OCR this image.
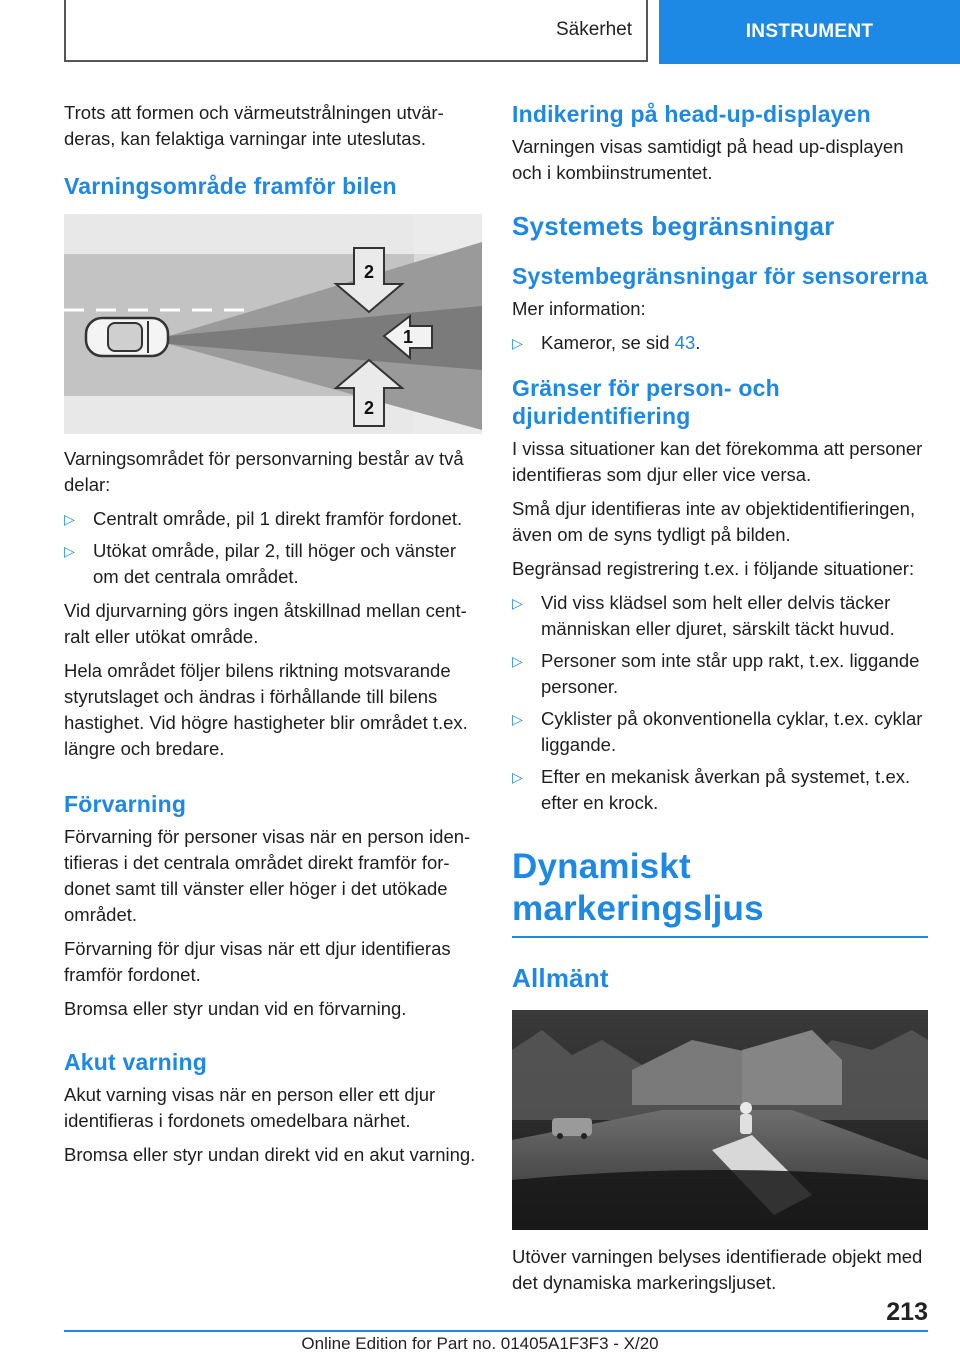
Säkerhet	INSTRUMENT

Trots att formen och värmeutstrålningen utvärderas, kan felaktiga varningar inte uteslutas.

Varningsområde framför bilen
2
1
2

Varningsområdet för personvarning består av två delar:

▷ Centralt område, pil 1 direkt framför fordonet.
▷ Utökat område, pilar 2, till höger och vänster om det centrala området.

Vid djurvarning görs ingen åtskillnad mellan centralt eller utökat område.

Hela området följer bilens riktning motsvarande styrutslaget och ändras i förhållande till bilens hastighet. Vid högre hastigheter blir området t.ex. längre och bredare.

Förvarning

Förvarning för personer visas när en person identifieras i det centrala området direkt framför fordonet samt till vänster eller höger i det utökade området.

Förvarning för djur visas när ett djur identifieras framför fordonet.

Bromsa eller styr undan vid en förvarning.

Akut varning

Akut varning visas när en person eller ett djur identifieras i fordonets omedelbara närhet.

Bromsa eller styr undan direkt vid en akut varning.

Indikering på head-up-displayen

Varningen visas samtidigt på head up-displayen och i kombiinstrumentet.

Systemets begränsningar
Systembegränsningar för sensorerna

Mer information:

▷ Kameror, se sid 43.
Gränser för person- och djuridentifiering

I vissa situationer kan det förekomma att personer identifieras som djur eller vice versa.

Små djur identifieras inte av objektidentifieringen, även om de syns tydligt på bilden.

Begränsad registrering t.ex. i följande situationer:

▷ Vid viss klädsel som helt eller delvis täcker människan eller djuret, särskilt täckt huvud.
▷ Personer som inte står upp rakt, t.ex. liggande personer.
▷ Cyklister på okonventionella cyklar, t.ex. cyklar liggande.
▷ Efter en mekanisk åverkan på systemet, t.ex. efter en krock.
Dynamiskt markeringsljus
Allmänt

Utöver varningen belyses identifierade objekt med det dynamiska markeringsljuset.

213
Online Edition for Part no. 01405A1F3F3 - X/20
